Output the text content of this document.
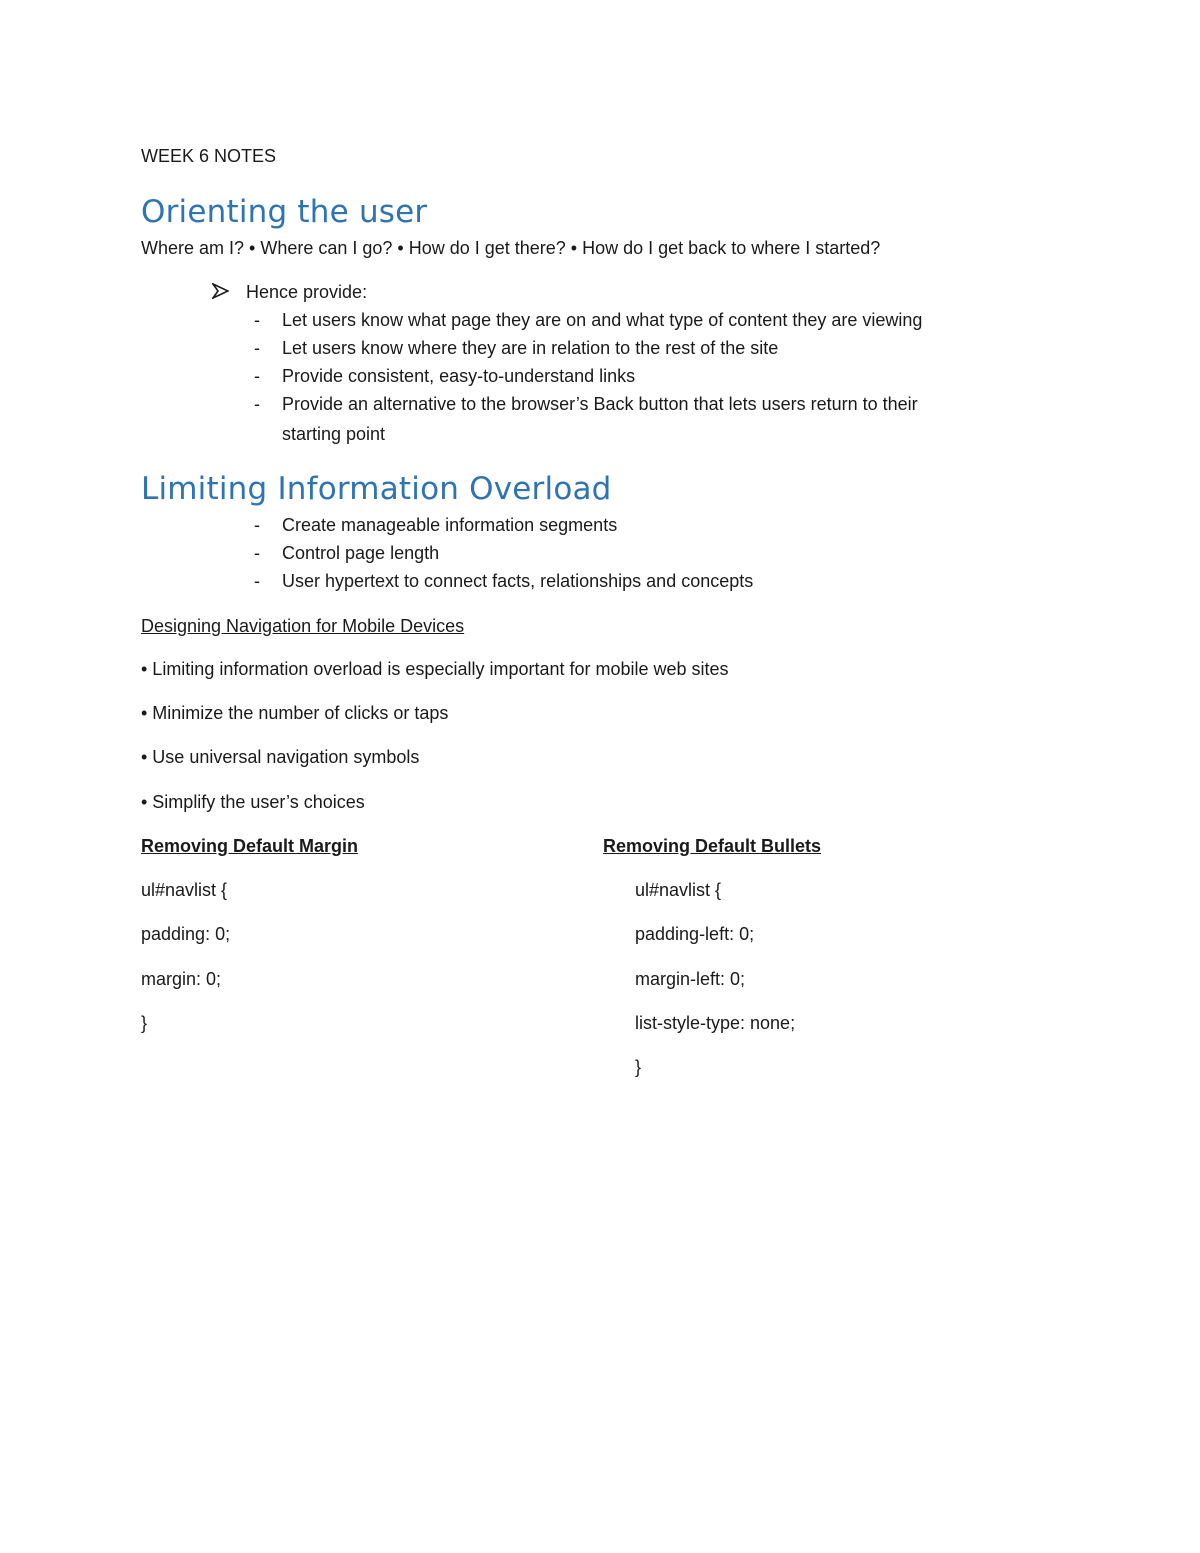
WEEK 6 NOTES
Orienting the user
Where am I? • Where can I go? • How do I get there? • How do I get back to where I started?
Hence provide:
- Let users know what page they are on and what type of content they are viewing
- Let users know where they are in relation to the rest of the site
- Provide consistent, easy-to-understand links
- Provide an alternative to the browser’s Back button that lets users return to their
starting point
Limiting Information Overload
- Create manageable information segments
- Control page length
- User hypertext to connect facts, relationships and concepts
Designing Navigation for Mobile Devices
• Limiting information overload is especially important for mobile web sites
• Minimize the number of clicks or taps
• Use universal navigation symbols
• Simplify the user’s choices
Removing Default Margin
ul#navlist {
padding: 0;
margin: 0;
}
Removing Default Bullets
ul#navlist {
padding-left: 0;
margin-left: 0;
list-style-type: none;
}
